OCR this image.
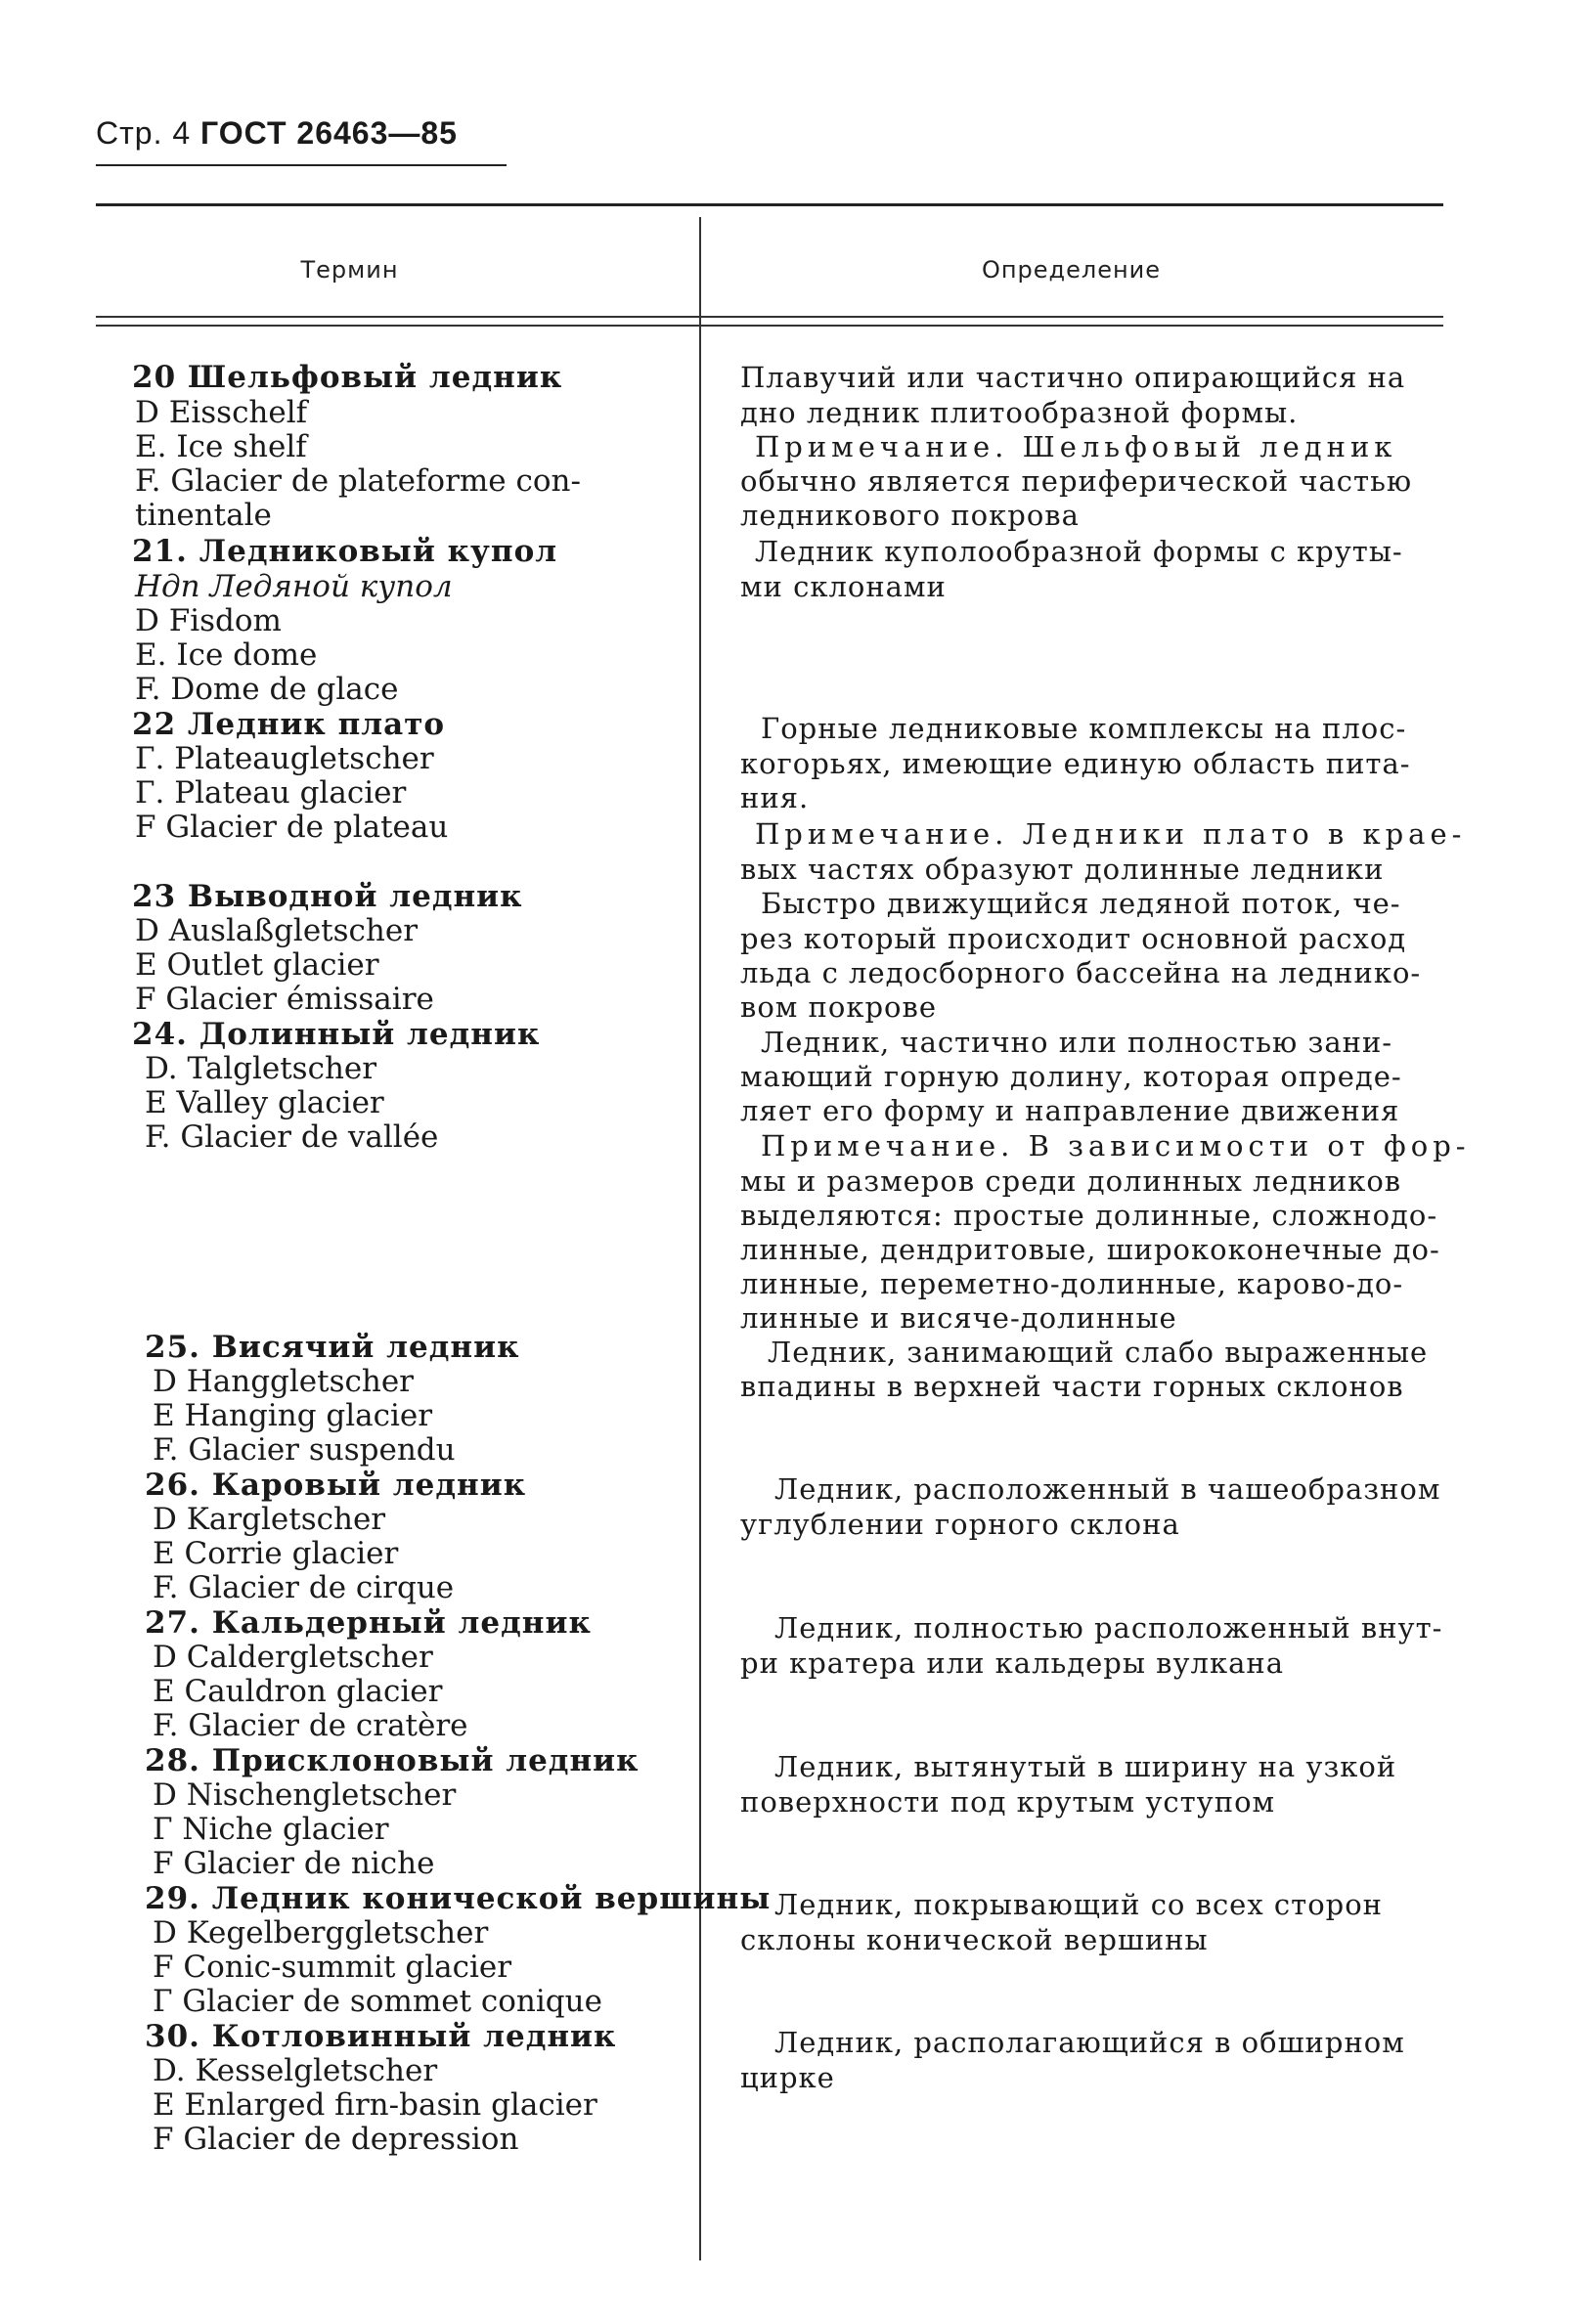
Стр. 4 ГОСТ 26463—85
Термин	Определение
20 Шельфовый ледник
D Eisschelf
E. Ice shelf
F. Glacier de plateforme con-
tinentale
21. Ледниковый купол
Ндп Ледяной купол
D Fisdom
E. Ice dome
F. Dome de glace
22 Ледник плато
Г. Plateaugletscher
Г. Plateau glacier
F Glacier de plateau
23 Выводной ледник
D Auslaßgletscher
E Outlet glacier
F Glacier émissaire
24. Долинный ледник
D. Talgletscher
E Valley glacier
F. Glacier de vallée
25. Висячий ледник
D Hanggletscher
E Hanging glacier
F. Glacier suspendu
26. Каровый ледник
D Kargletscher
E Corrie glacier
F. Glacier de cirque
27. Кальдерный ледник
D Caldergletscher
E Cauldron glacier
F. Glacier de cratère
28. Присклоновый ледник
D Nischengletscher
Г Niche glacier
F Glacier de niche
29. Ледник конической вершины
D Kegelberggletscher
F Conic-summit glacier
Г Glacier de sommet conique
30. Котловинный ледник
D. Kesselgletscher
E Enlarged firn-basin glacier
F Glacier de depression
Плавучий или частично опирающийся на
дно ледник плитообразной формы.
Примечание. Шельфовый ледник
обычно является периферической частью
ледникового покрова
Ледник куполообразной формы с круты-
ми склонами
Горные ледниковые комплексы на плос-
когорьях, имеющие единую область пита-
ния.
Примечание. Ледники плато в крае-
вых частях образуют долинные ледники
Быстро движущийся ледяной поток, че-
рез который происходит основной расход
льда с ледосборного бассейна на леднико-
вом покрове
Ледник, частично или полностью зани-
мающий горную долину, которая опреде-
ляет его форму и направление движения
Примечание. В зависимости от фор-
мы и размеров среди долинных ледников
выделяются: простые долинные, сложнодо-
линные, дендритовые, ширококонечные до-
линные, переметно-долинные, карово-до-
линные и висяче-долинные
Ледник, занимающий слабо выраженные
впадины в верхней части горных склонов
Ледник, расположенный в чашеобразном
углублении горного склона
Ледник, полностью расположенный внут-
ри кратера или кальдеры вулкана
Ледник, вытянутый в ширину на узкой
поверхности под крутым уступом
Ледник, покрывающий со всех сторон
склоны конической вершины
Ледник, располагающийся в обширном
цирке
